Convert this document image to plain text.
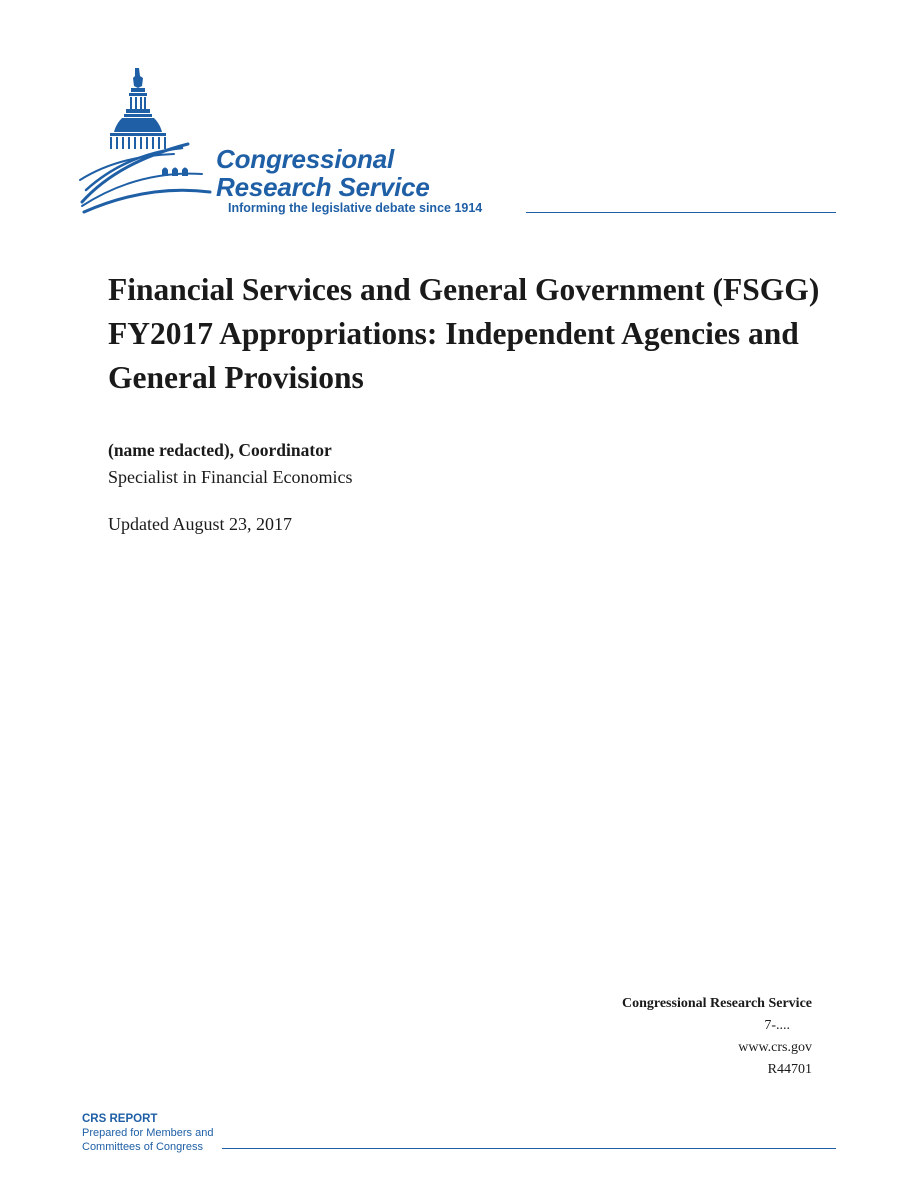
Congressional
Research Service
Informing the legislative debate since 1914
Financial Services and General Government (FSGG) FY2017 Appropriations: Independent Agencies and General Provisions
(name redacted), Coordinator
Specialist in Financial Economics
Updated August 23, 2017
Congressional Research Service
7-....
www.crs.gov
R44701
CRS REPORT
Prepared for Members and
Committees of Congress
